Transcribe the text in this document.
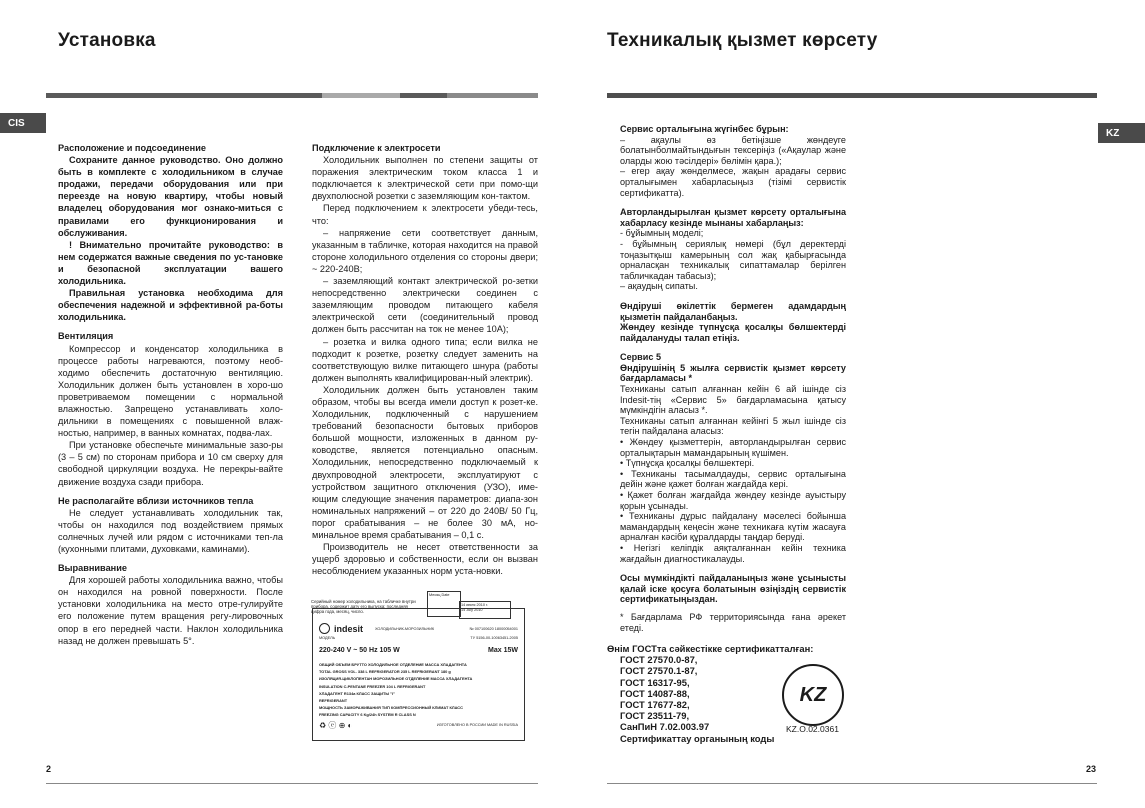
Установка
CIS

Расположение и подсоединение

Сохраните данное руководство. Оно должно быть в комплекте с холодильником в случае продажи, передачи оборудования или при переезде на новую квартиру, чтобы новый владелец оборудования мог ознако-миться с правилами его функционирования и обслуживания.

! Внимательно прочитайте руководство: в нем содержатся важные сведения по ус-тановке и безопасной эксплуатации вашего холодильника.

Правильная установка необходима для обеспечения надежной и эффективной ра-боты холодильника.

Вентиляция

Компрессор и конденсатор холодильника в процессе работы нагреваются, поэтому необ-ходимо обеспечить достаточную вентиляцию. Холодильник должен быть установлен в хоро-шо проветриваемом помещении с нормальной влажностью. Запрещено устанавливать холо-дильники в помещениях с повышенной влаж-ностью, например, в ванных комнатах, подва-лах.

При установке обеспечьте минимальные зазо-ры (3 – 5 см) по сторонам прибора и 10 см сверху для свободной циркуляции воздуха. Не перекры-вайте движение воздуха сзади прибора.

Не располагайте вблизи источников тепла

Не следует устанавливать холодильник так, чтобы он находился под воздействием прямых солнечных лучей или рядом с источниками теп-ла (кухонными плитами, духовками, каминами).

Выравнивание

Для хорошей работы холодильника важно, чтобы он находился на ровной поверхности. После установки холодильника на место отре-гулируйте его положение путем вращения регу-лировочных опор в его передней части. Наклон холодильника назад не должен превышать 5°.

Подключение к электросети

Холодильник выполнен по степени защиты от поражения электрическим током класса 1 и подключается к электрической сети при помо-щи двухполюсной розетки с заземляющим кон-тактом.

Перед подключением к электросети убеди-тесь, что:

– напряжение сети соответствует данным, указанным в табличке, которая находится на правой стороне холодильного отделения со стороны двери; ~ 220-240В;

– заземляющий контакт электрической ро-зетки непосредственно электрически соединен с заземляющим проводом питающего кабеля электрической сети (соединительный провод должен быть рассчитан на ток не менее 10А);

– розетка и вилка одного типа; если вилка не подходит к розетке, розетку следует заменить на соответствующую вилке питающего шнура (работы должен выполнять квалифицирован-ный электрик).

Холодильник должен быть установлен таким образом, чтобы вы всегда имели доступ к розет-ке. Холодильник, подключенный с нарушением требований безопасности бытовых приборов большой мощности, изложенных в данном ру-ководстве, является потенциально опасным. Холодильник, непосредственно подключаемый к двухпроводной электросети, эксплуатируют с устройством защитного отключения (УЗО), име-ющим следующие значения параметров: диапа-зон номинальных напряжений – от 220 до 240В/ 50 Гц, порог срабатывания – не более 30 мА, но-минальное время срабатывания – 0,1 с.

Производитель не несет ответственности за ущерб здоровью и собственности, если он вызван несоблюдением указанных норм уста-новки.

Серийный номер холодильника, на табличке внутри прибора, содержит дату его выпуска: последняя цифра года, месяц, число.
Месяц Date
14 июля 2010 г.
14 July 2010
indesit	ХОЛОДИЛЬНИК-МОРОЗИЛЬНИК	№ 007100620 18000054001
МОДЕЛЬ	ТУ 5156-00-10063451-2005
220-240 V ~ 50 Hz 105 W	Max 15W
ОБЩИЙ ОБЪЕМ БРУТТО ХОЛОДИЛЬНОЕ ОТДЕЛЕНИЕ МАССА ХЛАДАГЕНТА
TOTAL GROSS VOL. 338 L REFRIGERATOR 235 L REFRIGERANT 180 g
ИЗОЛЯЦИЯ-ЦИКЛОПЕНТАН МОРОЗИЛЬНОЕ ОТДЕЛЕНИЕ МАССА ХЛАДАГЕНТА
INSULATION C-PENTANE FREEZER 104 L REFRIGERANT
ХЛАДАГЕНТ R134a КЛАСС ЗАЩИТЫ "I"
REFRIGERANT
МОЩНОСТЬ ЗАМОРАЖИВАНИЯ ТИП КОМПРЕССИОННЫЙ КЛИМАТ КЛАСС
FREEZING CAPACITY 6 Kg/24h SYSTEM R CLASS N
♻ ⓔ ⊕ ◐	ИЗГОТОВЛЕНО В РОССИИ MADE IN RUSSIA
2
Техникалық қызмет көрсету
KZ

Сервис орталығына жүгінбес бұрын:

– ақаулы өз бетіңізше жөндеуге болатынболмайтындығын тексеріңіз («Ақаулар және оларды жою тәсілдері» бөлімін қара.);

– егер ақау жөнделмесе, жақын арадағы сервис орталығымен хабарласыңыз (тізімі сервистік сертификатта).

Авторландырылған қызмет көрсету орталығына хабарласу кезінде мынаны хабарлаңыз:

- бұйымның моделі;

- бұйымның сериялық нөмері (бұл деректерді тоңазытқыш камерының сол жақ қабырғасында орналасқан техникалық сипаттамалар берілген табличкадан табасыз);

– ақаудың сипаты.

Өндіруші өкілеттік бермеген адамдардың қызметін пайдаланбаңыз.

Жөндеу кезінде түпнұсқа қосалқы бөлшектерді пайдалануды талап етіңіз.

Сервис 5

Өндірушінің 5 жылға сервистік қызмет көрсету бағдарламасы *

Техниканы сатып алғаннан кейін 6 ай ішінде сіз Indesit-тің «Сервис 5» бағдарламасына қатысу мүмкіндігін аласыз *.

Техниканы сатып алғаннан кейінгі 5 жыл ішінде сіз тегін пайдалана аласыз:

• Жөндеу қызметтерін, авторландырылған сервис орталықтарын мамандарының күшімен.

• Түпнұсқа қосалқы бөлшектері.

• Техниканы тасымалдауды, сервис орталығына дейін және қажет болған жағдайда кері.

• Қажет болған жағдайда жөндеу кезінде ауыстыру қорын ұсынады.

• Техниканы дұрыс пайдалану мәселесі бойынша мамандардың кеңесін және техникаға күтім жасауға арналған кәсіби құралдарды таңдар беруді.

• Негізгі келіпдік аяқталғаннан кейін техника жағдайын диагностикалауды.

Осы мүмкіндікті пайдаланыңыз және ұсынысты қалай іске қосуға болатынын өзіңіздің сервистік сертификатыңыздан.

* Бағдарлама РФ территориясында ғана әрекет етеді.
Өнім ГОСТта сәйкестікке сертификатталған:
ГОСТ 27570.0-87,
ГОСТ 27570.1-87,
ГОСТ 16317-95,
ГОСТ 14087-88,
ГОСТ 17677-82,
ГОСТ 23511-79,
СанПиН 7.02.003.97
Сертификаттау органының коды
KZ
KZ.O.02.0361
23
